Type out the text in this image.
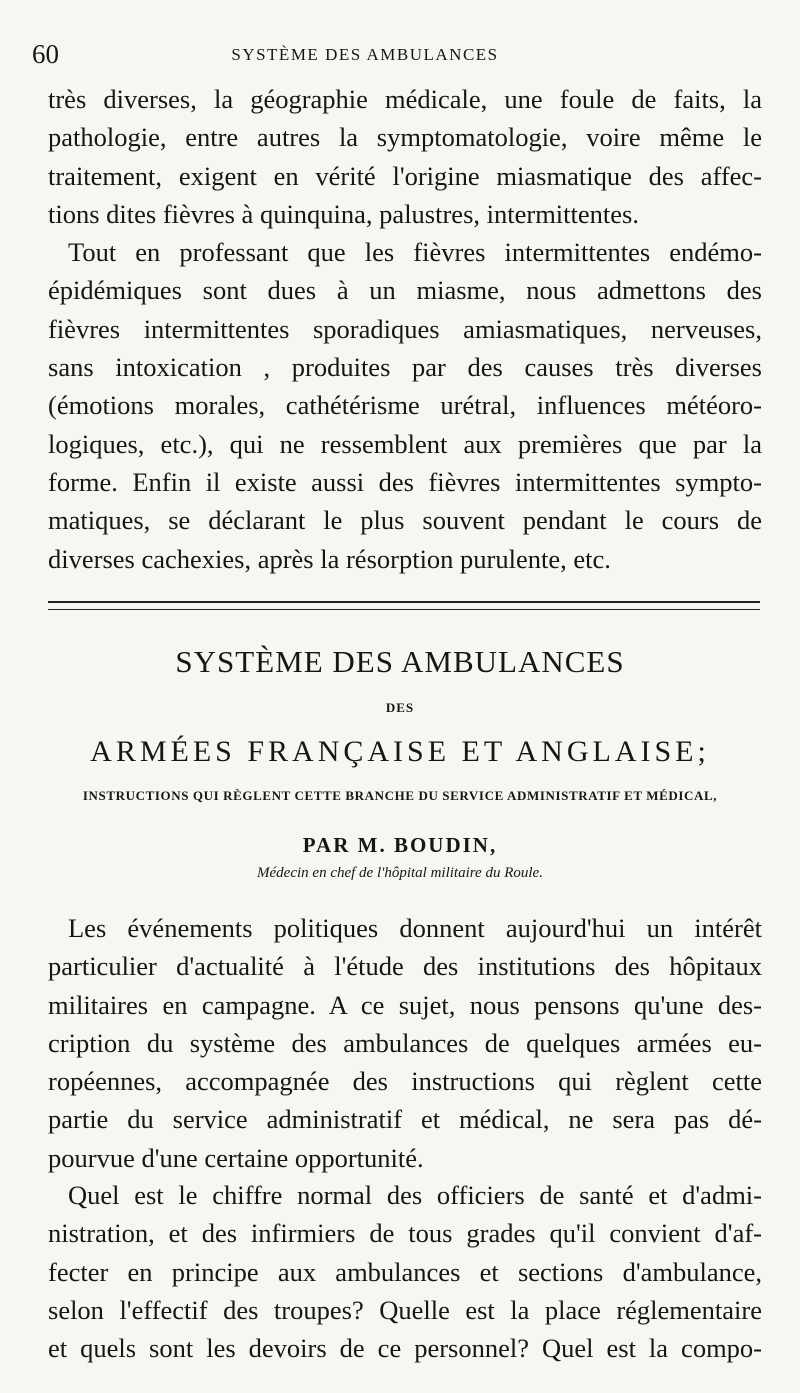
60	SYSTÈME DES AMBULANCES
très diverses, la géographie médicale, une foule de faits, la
pathologie, entre autres la symptomatologie, voire même le
traitement, exigent en vérité l'origine miasmatique des affec-
tions dites fièvres à quinquina, palustres, intermittentes.
Tout en professant que les fièvres intermittentes endémo-
épidémiques sont dues à un miasme, nous admettons des
fièvres intermittentes sporadiques amiasmatiques, nerveuses,
sans intoxication , produites par des causes très diverses
(émotions morales, cathétérisme urétral, influences météoro-
logiques, etc.), qui ne ressemblent aux premières que par la
forme. Enfin il existe aussi des fièvres intermittentes sympto-
matiques, se déclarant le plus souvent pendant le cours de
diverses cachexies, après la résorption purulente, etc.
SYSTÈME DES AMBULANCES
DES
ARMÉES FRANÇAISE ET ANGLAISE;
INSTRUCTIONS QUI RÈGLENT CETTE BRANCHE DU SERVICE ADMINISTRATIF ET MÉDICAL,
PAR M. BOUDIN,
Médecin en chef de l'hôpital militaire du Roule.
Les événements politiques donnent aujourd'hui un intérêt
particulier d'actualité à l'étude des institutions des hôpitaux
militaires en campagne. A ce sujet, nous pensons qu'une des-
cription du système des ambulances de quelques armées eu-
ropéennes, accompagnée des instructions qui règlent cette
partie du service administratif et médical, ne sera pas dé-
pourvue d'une certaine opportunité.
Quel est le chiffre normal des officiers de santé et d'admi-
nistration, et des infirmiers de tous grades qu'il convient d'af-
fecter en principe aux ambulances et sections d'ambulance,
selon l'effectif des troupes? Quelle est la place réglementaire
et quels sont les devoirs de ce personnel? Quel est la compo-
